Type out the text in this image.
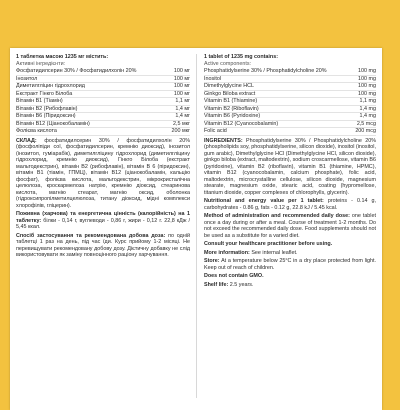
1 таблетка масою 1235 мг містить:
Активні інгредієнти:
Фосфатидилсерин 30% / Фосфатидилхолін 20%	100 мг
Інозитол	100 мг
Диметилгліцин гідрохлорид	100 мг
Екстракт Гінкго Білоба	100 мг
Вітамін В1 (Тіамін)	1,1 мг
Вітамін В2 (Рибофлавін)	1,4 мг
Вітамін В6 (Піридоксин)	1,4 мг
Вітамін В12 (Ціанокобаламін)	2,5 мкг
Фолієва кислота	200 мкг

СКЛАД: фосфатидилсерин 30% / фосфатидилхолін 20% (фосфоліпіди сої, фосфатидилсерин, кремнію диоксид), інозитол (інозитол, гуміарабік), диметилгліцину гідрохлорид (диметилгліцину гідрохлорид, кремнію диоксид), Гінкго Білоба (екстракт мальтодекстрин), вітамін В2 (рибофлавін), вітамін В 6 (піридоксин), вітамін В1 (тіамін, ГПМЦ), вітамін В12 (ціанокобаламін, кальцію фосфат), фолієва кислота, мальтодекстрин, мікрокристалічна целюлоза, кроскармелоза натрію, кремнію діоксид, стеаринова кислота, магнію стеарат, магнію оксид, оболонка (гідроксипропілметилцелюлоза, титану діоксид, мідні комплекси хлорофілів, гліцерин).

Поживна (харчова) та енергетична цінність (калорійність) на 1 таблетку: білки - 0,14 г, вуглеводи - 0,86 г, жири - 0,12 г. 22,8 кДж / 5,45 ккал.

Спосіб застосування та рекомендована добова доза: по одній таблетці 1 раз на день, під час їди. Курс прийому 1-2 місяці. Не перевищувати рекомендовану добову дозу. Дієтичну добавку не слід використовувати як заміну повноцінного раціону харчування.

1 tablet of 1235 mg contains:
Active components:
Phosphatidylserine 30% / Phosphatidylcholine 20%	100 mg
Inositol	100 mg
Dimethylglycine HCL	100 mg
Ginkgo Biloba extract	100 mg
Vitamin B1 (Thiamine)	1,1 mg
Vitamin B2 (Riboflavin)	1,4 mg
Vitamin B6 (Pyridoxine)	1,4 mg
Vitamin B12 (Cyanocobalamin)	2,5 mcg
Folic acid	200 mcg

INGREDIENTS: Phosphatidylserine 30% / Phosphatidylcholine 20% (phospholipids soy, phosphatidylserine, silicon dioxide), inositol (inositol, gum arabic), Dimethylglycine HCl (Dimethylglycine HCl, silicon dioxide), ginkgo biloba (extract, maltodextrin), sodium croscarmellose, vitamin B6 (pyridoxine), vitamin B2 (riboflavin), vitamin B1 (thiamine, HPMC), vitamin B12 (cyanocobalamin, calcium phosphate), folic acid, maltodextrin, microcrystalline cellulose, silicon dioxide, magnesium stearate, magnesium oxide, stearic acid, coating (hypromellose, titanium dioxide, copper complexes of chlorophylls, glycerin).

Nutritional and energy value per 1 tablet: proteins - 0.14 g, carbohydrates - 0.86 g, fats - 0.12 g, 22.8 kJ / 5.45 kcal.

Method of administration and recommended daily dose: one tablet once a day during or after a meal. Course of treatment 1-2 months. Do not exceed the recommended daily dose. Food supplements should not be used as a substitute for a varied diet.

Consult your healthcare practitioner before using.

More information: See internal leaflet.

Store: At a temperature below 25°C in a dry place protected from light. Keep out of reach of children.

Does not contain GMO.

Shelf life: 2.5 years.
